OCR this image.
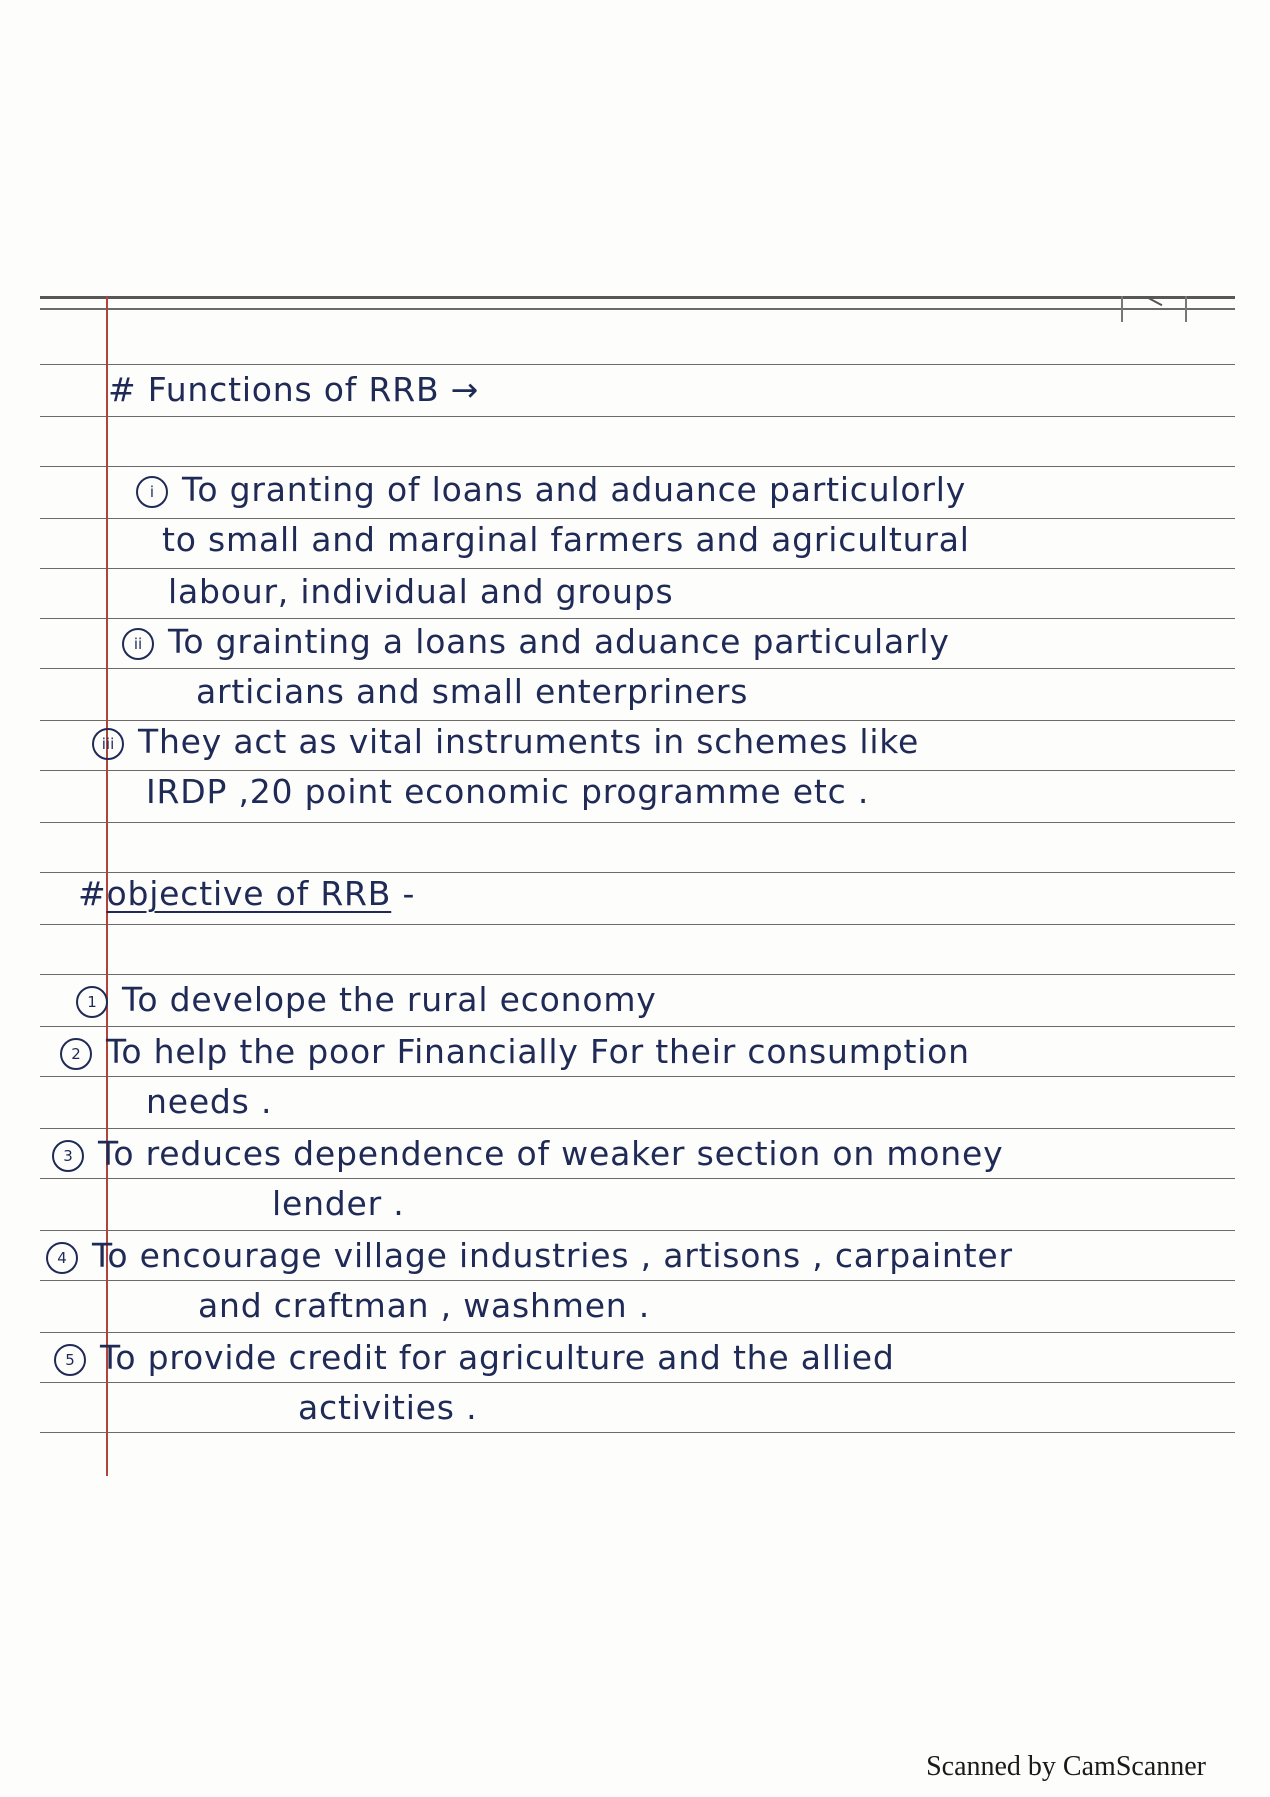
# Functions of RRB →
i To granting of loans and aduance particulorly
to small and marginal farmers and agricultural
labour, individual and groups
ii To grainting a loans and aduance particularly
articians and small enterpriners
iii They act as vital instruments in schemes like
IRDP ,20 point economic programme etc .
#objective of RRB -
1 To develope the rural economy
2 To help the poor Financially For their consumption
needs .
3 To reduces dependence of weaker section on money
lender .
4 To encourage village industries , artisons , carpainter
and craftman , washmen .
5 To provide credit for agriculture and the allied
activities .
Scanned by CamScanner
